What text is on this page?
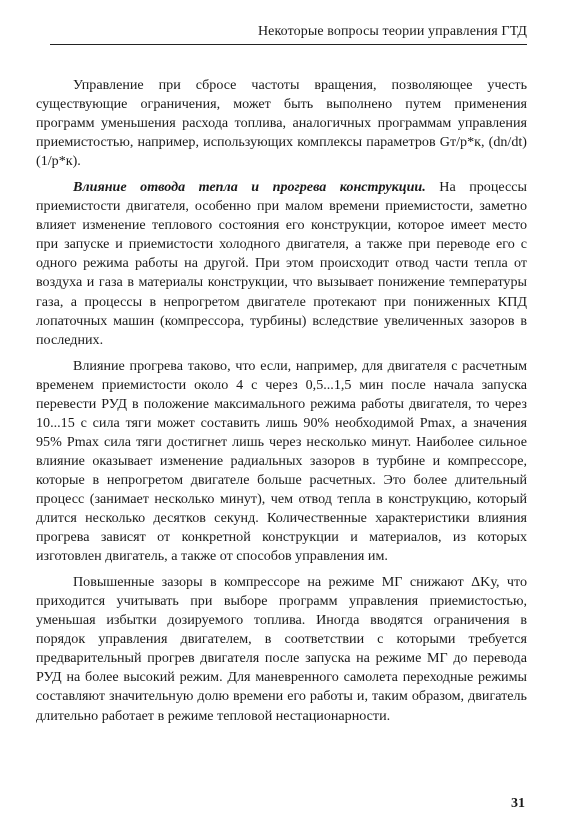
Некоторые вопросы теории управления ГТД

Управление при сбросе частоты вращения, позволяющее учесть существующие ограничения, может быть выполнено путем применения программ уменьшения расхода топлива, аналогичных программам управления приемистостью, например, использующих комплексы параметров Gт/p*к, (dn/dt)(1/p*к).

Влияние отвода тепла и прогрева конструкции. На процессы приемистости двигателя, особенно при малом времени приемистости, заметно влияет изменение теплового состояния его конструкции, которое имеет место при запуске и приемистости холодного двигателя, а также при переводе его с одного режима работы на другой. При этом происходит отвод части тепла от воздуха и газа в материалы конструкции, что вызывает понижение температуры газа, а процессы в непрогретом двигателе протекают при пониженных КПД лопаточных машин (компрессора, турбины) вследствие увеличенных зазоров в последних.

Влияние прогрева таково, что если, например, для двигателя с расчетным временем приемистости около 4 с через 0,5...1,5 мин после начала запуска перевести РУД в положение максимального режима работы двигателя, то через 10...15 с сила тяги может составить лишь 90% необходимой Pmax, а значения 95% Pmax сила тяги достигнет лишь через несколько минут. Наиболее сильное влияние оказывает изменение радиальных зазоров в турбине и компрессоре, которые в непрогретом двигателе больше расчетных. Это более длительный процесс (занимает несколько минут), чем отвод тепла в конструкцию, который длится несколько десятков секунд. Количественные характеристики влияния прогрева зависят от конкретной конструкции и материалов, из которых изготовлен двигатель, а также от способов управления им.

Повышенные зазоры в компрессоре на режиме МГ снижают ΔKу, что приходится учитывать при выборе программ управления приемистостью, уменьшая избытки дозируемого топлива. Иногда вводятся ограничения в порядок управления двигателем, в соответствии с которыми требуется предварительный прогрев двигателя после запуска на режиме МГ до перевода РУД на более высокий режим. Для маневренного самолета переходные режимы составляют значительную долю времени его работы и, таким образом, двигатель длительно работает в режиме тепловой нестационарности.

31
